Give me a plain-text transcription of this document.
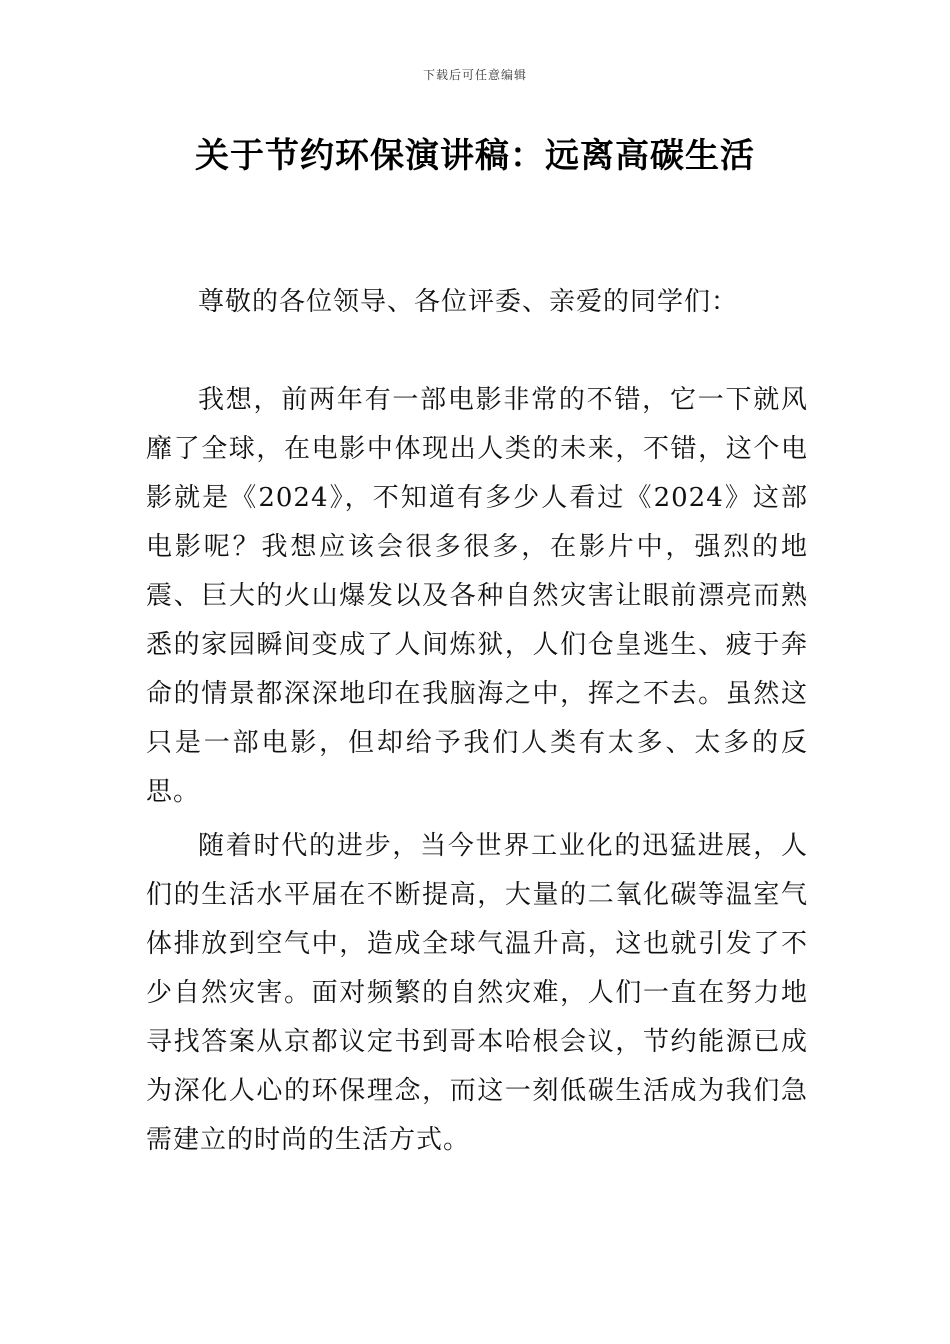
下载后可任意编辑
关于节约环保演讲稿：远离高碳生活

尊敬的各位领导、各位评委、亲爱的同学们：

我想，前两年有一部电影非常的不错，它一下就风靡了全球，在电影中体现出人类的未来，不错，这个电影就是《2024》，不知道有多少人看过《2024》这部电影呢？我想应该会很多很多，在影片中，强烈的地震、巨大的火山爆发以及各种自然灾害让眼前漂亮而熟悉的家园瞬间变成了人间炼狱，人们仓皇逃生、疲于奔命的情景都深深地印在我脑海之中，挥之不去。虽然这只是一部电影，但却给予我们人类有太多、太多的反思。

随着时代的进步，当今世界工业化的迅猛进展，人们的生活水平届在不断提高，大量的二氧化碳等温室气体排放到空气中，造成全球气温升高，这也就引发了不少自然灾害。面对频繁的自然灾难，人们一直在努力地寻找答案从京都议定书到哥本哈根会议，节约能源已成为深化人心的环保理念，而这一刻低碳生活成为我们急需建立的时尚的生活方式。
